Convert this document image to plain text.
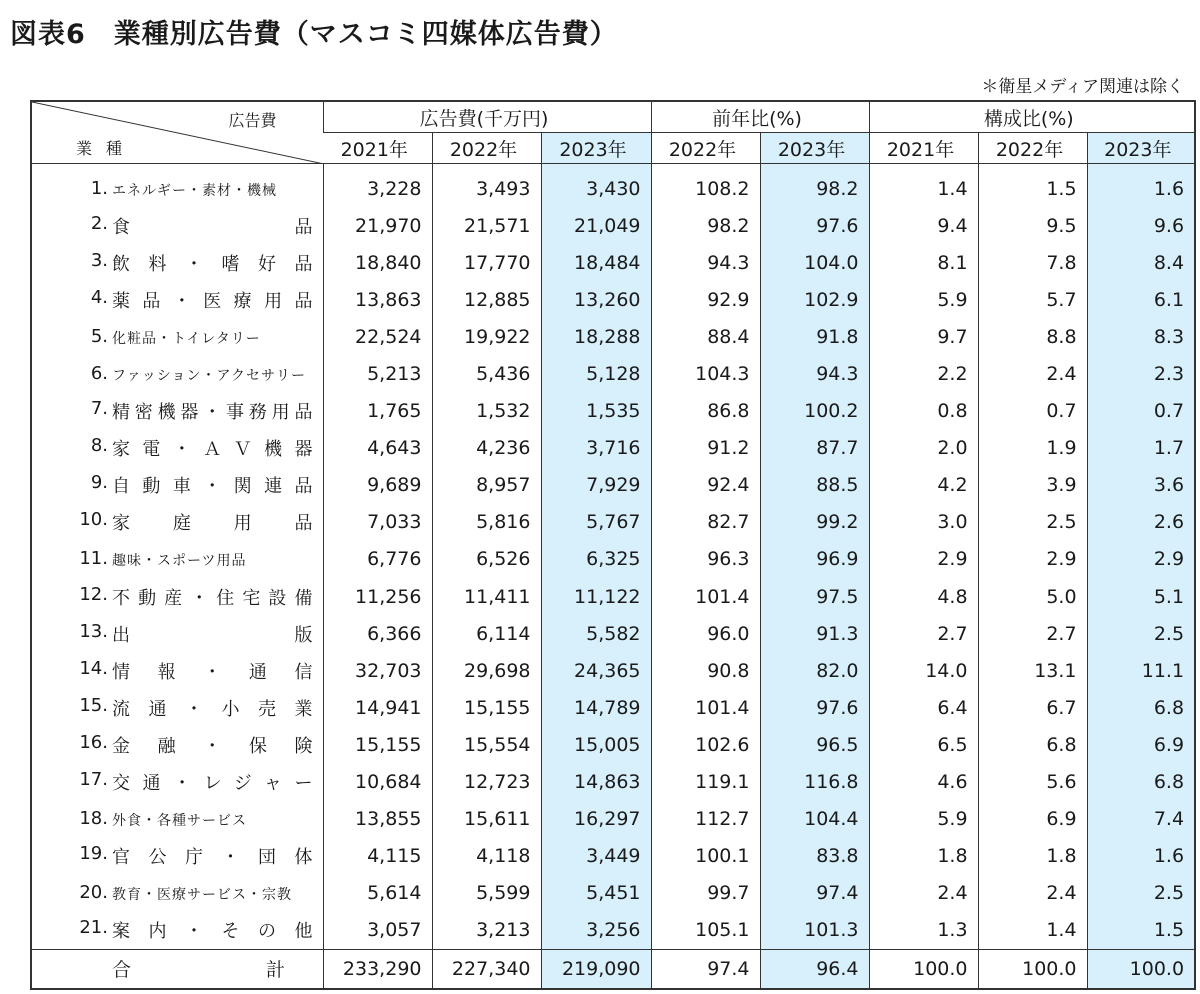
図表6　業種別広告費（マスコミ四媒体広告費）
＊衛星メディア関連は除く
広告費
業種	広告費(千万円)			前年比(%)		構成比(%)		
	2021年	2022年	2023年	2022年	2023年	2021年	2022年	2023年

1. エネルギー・素材・機械	3,228	3,493	3,430	108.2	98.2	1.4	1.5	1.6

2. 食品	21,970	21,571	21,049	98.2	97.6	9.4	9.5	9.6

3. 飲料・嗜好品	18,840	17,770	18,484	94.3	104.0	8.1	7.8	8.4

4. 薬品・医療用品	13,863	12,885	13,260	92.9	102.9	5.9	5.7	6.1

5. 化粧品・トイレタリー	22,524	19,922	18,288	88.4	91.8	9.7	8.8	8.3

6. ファッション・アクセサリー	5,213	5,436	5,128	104.3	94.3	2.2	2.4	2.3

7. 精密機器・事務用品	1,765	1,532	1,535	86.8	100.2	0.8	0.7	0.7

8. 家電・ＡＶ機器	4,643	4,236	3,716	91.2	87.7	2.0	1.9	1.7

9. 自動車・関連品	9,689	8,957	7,929	92.4	88.5	4.2	3.9	3.6

10. 家庭用品	7,033	5,816	5,767	82.7	99.2	3.0	2.5	2.6

11. 趣味・スポーツ用品	6,776	6,526	6,325	96.3	96.9	2.9	2.9	2.9

12. 不動産・住宅設備	11,256	11,411	11,122	101.4	97.5	4.8	5.0	5.1

13. 出版	6,366	6,114	5,582	96.0	91.3	2.7	2.7	2.5

14. 情報・通信	32,703	29,698	24,365	90.8	82.0	14.0	13.1	11.1

15. 流通・小売業	14,941	15,155	14,789	101.4	97.6	6.4	6.7	6.8

16. 金融・保険	15,155	15,554	15,005	102.6	96.5	6.5	6.8	6.9

17. 交通・レジャー	10,684	12,723	14,863	119.1	116.8	4.6	5.6	6.8

18. 外食・各種サービス	13,855	15,611	16,297	112.7	104.4	5.9	6.9	7.4

19. 官公庁・団体	4,115	4,118	3,449	100.1	83.8	1.8	1.8	1.6

20. 教育・医療サービス・宗教	5,614	5,599	5,451	99.7	97.4	2.4	2.4	2.5

21. 案内・その他	3,057	3,213	3,256	105.1	101.3	1.3	1.4	1.5
合 計	233,290	227,340	219,090	97.4	96.4	100.0	100.0	100.0
